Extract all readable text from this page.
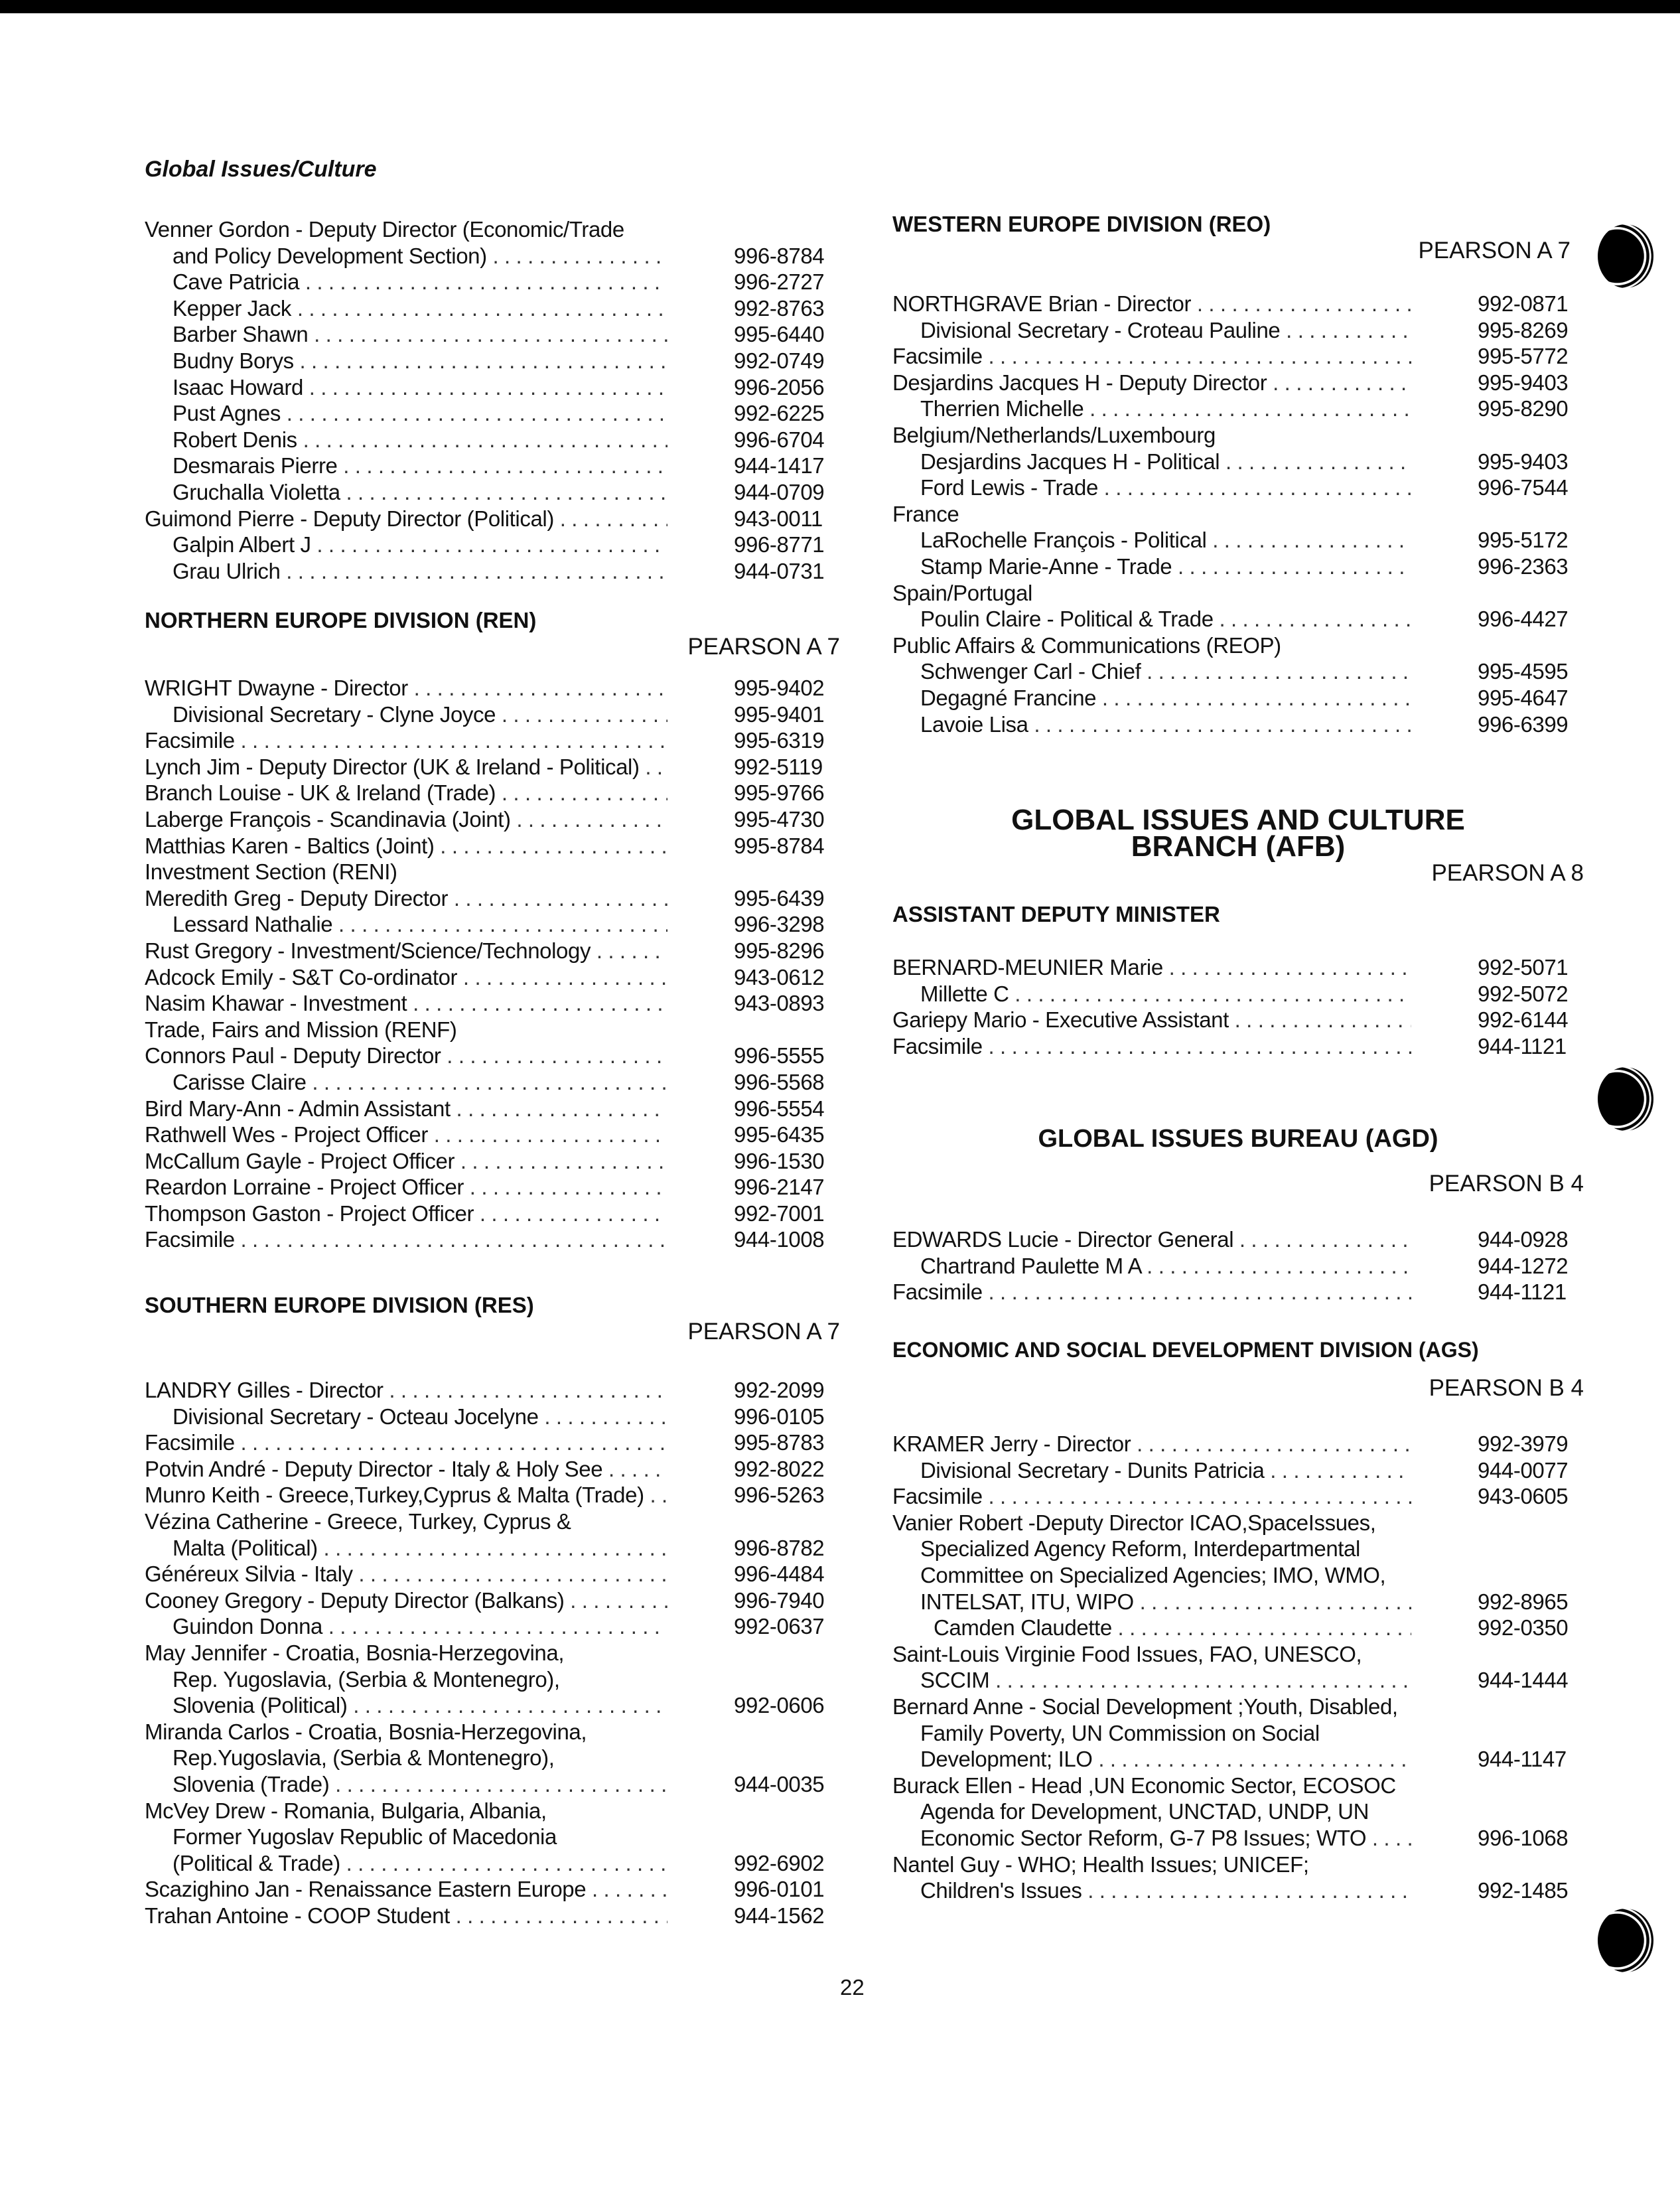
Global Issues/Culture
Venner Gordon - Deputy Director (Economic/Trade
and Policy Development Section) . . .	996-8784
Cave Patricia . . .	996-2727
Kepper Jack . . .	992-8763
Barber Shawn . . .	995-6440
Budny Borys . . .	992-0749
Isaac Howard . . .	996-2056
Pust Agnes . . .	992-6225
Robert Denis . . .	996-6704
Desmarais Pierre . . .	944-1417
Gruchalla Violetta . . .	944-0709
Guimond Pierre - Deputy Director (Political) . . .	943-0011
Galpin Albert J . . .	996-8771
Grau Ulrich . . .	944-0731
NORTHERN EUROPE DIVISION (REN)
PEARSON A 7
WRIGHT Dwayne - Director . . .	995-9402
Divisional Secretary - Clyne Joyce . . .	995-9401
Facsimile . . .	995-6319
Lynch Jim - Deputy Director (UK & Ireland - Political) . . .	992-5119
Branch Louise - UK & Ireland (Trade) . . .	995-9766
Laberge François - Scandinavia (Joint) . . .	995-4730
Matthias Karen - Baltics (Joint) . . .	995-8784
Investment Section (RENI)
Meredith Greg - Deputy Director . . .	995-6439
Lessard Nathalie . . .	996-3298
Rust Gregory - Investment/Science/Technology . . .	995-8296
Adcock Emily - S&T Co-ordinator . . .	943-0612
Nasim Khawar - Investment . . .	943-0893
Trade, Fairs and Mission (RENF)
Connors Paul - Deputy Director . . .	996-5555
Carisse Claire . . .	996-5568
Bird Mary-Ann - Admin Assistant . . .	996-5554
Rathwell Wes - Project Officer . . .	995-6435
McCallum Gayle - Project Officer . . .	996-1530
Reardon Lorraine - Project Officer . . .	996-2147
Thompson Gaston - Project Officer . . .	992-7001
Facsimile . . .	944-1008
SOUTHERN EUROPE DIVISION (RES)
PEARSON A 7
LANDRY Gilles - Director . . .	992-2099
Divisional Secretary - Octeau Jocelyne . . .	996-0105
Facsimile . . .	995-8783
Potvin André - Deputy Director - Italy & Holy See . . .	992-8022
Munro Keith - Greece,Turkey,Cyprus & Malta (Trade) . . .	996-5263
Vézina Catherine - Greece, Turkey, Cyprus &
Malta (Political) . . .	996-8782
Généreux Silvia - Italy . . .	996-4484
Cooney Gregory - Deputy Director (Balkans) . . .	996-7940
Guindon Donna . . .	992-0637
May Jennifer - Croatia, Bosnia-Herzegovina,
Rep. Yugoslavia, (Serbia & Montenegro),
Slovenia (Political) . . .	992-0606
Miranda Carlos - Croatia, Bosnia-Herzegovina,
Rep.Yugoslavia, (Serbia & Montenegro),
Slovenia (Trade) . . .	944-0035
McVey Drew - Romania, Bulgaria, Albania,
Former Yugoslav Republic of Macedonia
(Political & Trade) . . .	992-6902
Scazighino Jan - Renaissance Eastern Europe . . .	996-0101
Trahan Antoine - COOP Student . . .	944-1562
WESTERN EUROPE DIVISION (REO)
PEARSON A 7
NORTHGRAVE Brian - Director . . .	992-0871
Divisional Secretary - Croteau Pauline . . .	995-8269
Facsimile . . .	995-5772
Desjardins Jacques H - Deputy Director . . .	995-9403
Therrien Michelle . . .	995-8290
Belgium/Netherlands/Luxembourg
Desjardins Jacques H - Political . . .	995-9403
Ford Lewis - Trade . . .	996-7544
France
LaRochelle François - Political . . .	995-5172
Stamp Marie-Anne - Trade . . .	996-2363
Spain/Portugal
Poulin Claire - Political & Trade . . .	996-4427
Public Affairs & Communications (REOP)
Schwenger Carl - Chief . . .	995-4595
Degagné Francine . . .	995-4647
Lavoie Lisa . . .	996-6399
GLOBAL ISSUES AND CULTURE
BRANCH (AFB)
PEARSON A 8
ASSISTANT DEPUTY MINISTER
BERNARD-MEUNIER Marie . . .	992-5071
Millette C . . .	992-5072
Gariepy Mario - Executive Assistant . . .	992-6144
Facsimile . . .	944-1121
GLOBAL ISSUES BUREAU (AGD)
PEARSON B 4
EDWARDS Lucie - Director General . . .	944-0928
Chartrand Paulette M A . . .	944-1272
Facsimile . . .	944-1121
ECONOMIC AND SOCIAL DEVELOPMENT DIVISION (AGS)
PEARSON B 4
KRAMER Jerry - Director . . .	992-3979
Divisional Secretary - Dunits Patricia . . .	944-0077
Facsimile . . .	943-0605
Vanier Robert -Deputy Director ICAO,SpaceIssues,
Specialized Agency Reform, Interdepartmental
Committee on Specialized Agencies; IMO, WMO,
INTELSAT, ITU, WIPO . . .	992-8965
Camden Claudette . . .	992-0350
Saint-Louis Virginie Food Issues, FAO, UNESCO,
SCCIM . . .	944-1444
Bernard Anne - Social Development ;Youth, Disabled,
Family Poverty, UN Commission on Social
Development; ILO . . .	944-1147
Burack Ellen - Head ,UN Economic Sector, ECOSOC
Agenda for Development, UNCTAD, UNDP, UN
Economic Sector Reform, G-7 P8 Issues; WTO . . .	996-1068
Nantel Guy - WHO; Health Issues; UNICEF;
Children's Issues . . .	992-1485
22
